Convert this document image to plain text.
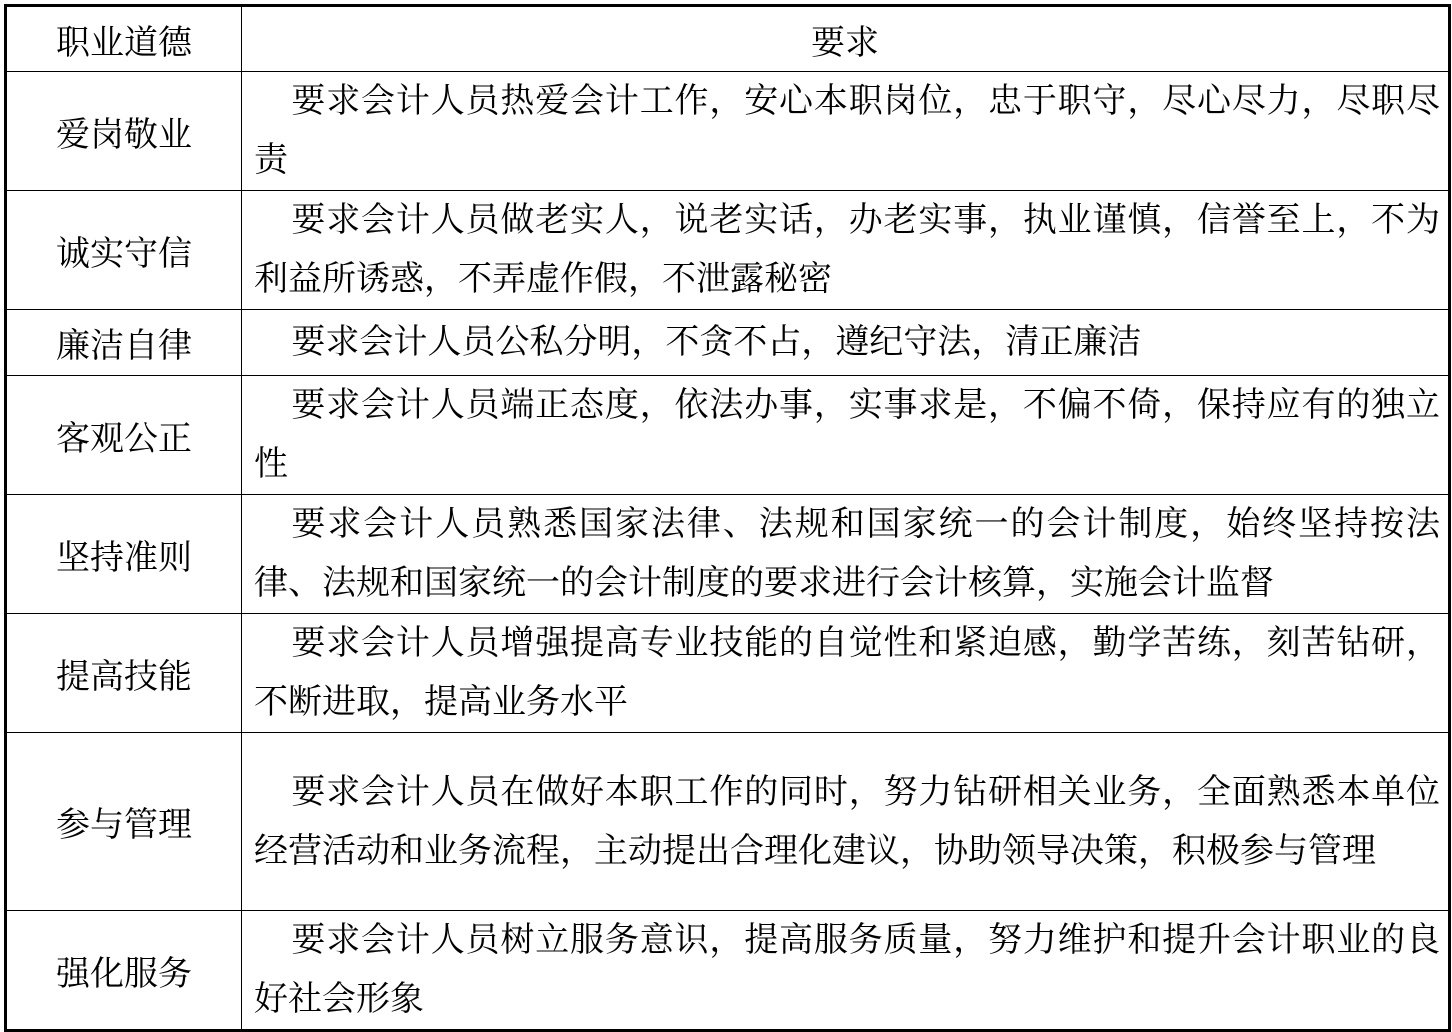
职业道德	要求
爱岗敬业	要求会计人员热爱会计工作，安心本职岗位，忠于职守，尽心尽力，尽职尽责

诚实守信	要求会计人员做老实人，说老实话，办老实事，执业谨慎，信誉至上，不为利益所诱惑，不弄虚作假，不泄露秘密

廉洁自律	要求会计人员公私分明，不贪不占，遵纪守法，清正廉洁

客观公正	要求会计人员端正态度，依法办事，实事求是，不偏不倚，保持应有的独立性

坚持准则	要求会计人员熟悉国家法律、法规和国家统一的会计制度，始终坚持按法律、法规和国家统一的会计制度的要求进行会计核算，实施会计监督

提高技能	要求会计人员增强提高专业技能的自觉性和紧迫感，勤学苦练，刻苦钻研，不断进取，提高业务水平

参与管理	要求会计人员在做好本职工作的同时，努力钻研相关业务，全面熟悉本单位经营活动和业务流程，主动提出合理化建议，协助领导决策，积极参与管理

强化服务	要求会计人员树立服务意识，提高服务质量，努力维护和提升会计职业的良好社会形象
